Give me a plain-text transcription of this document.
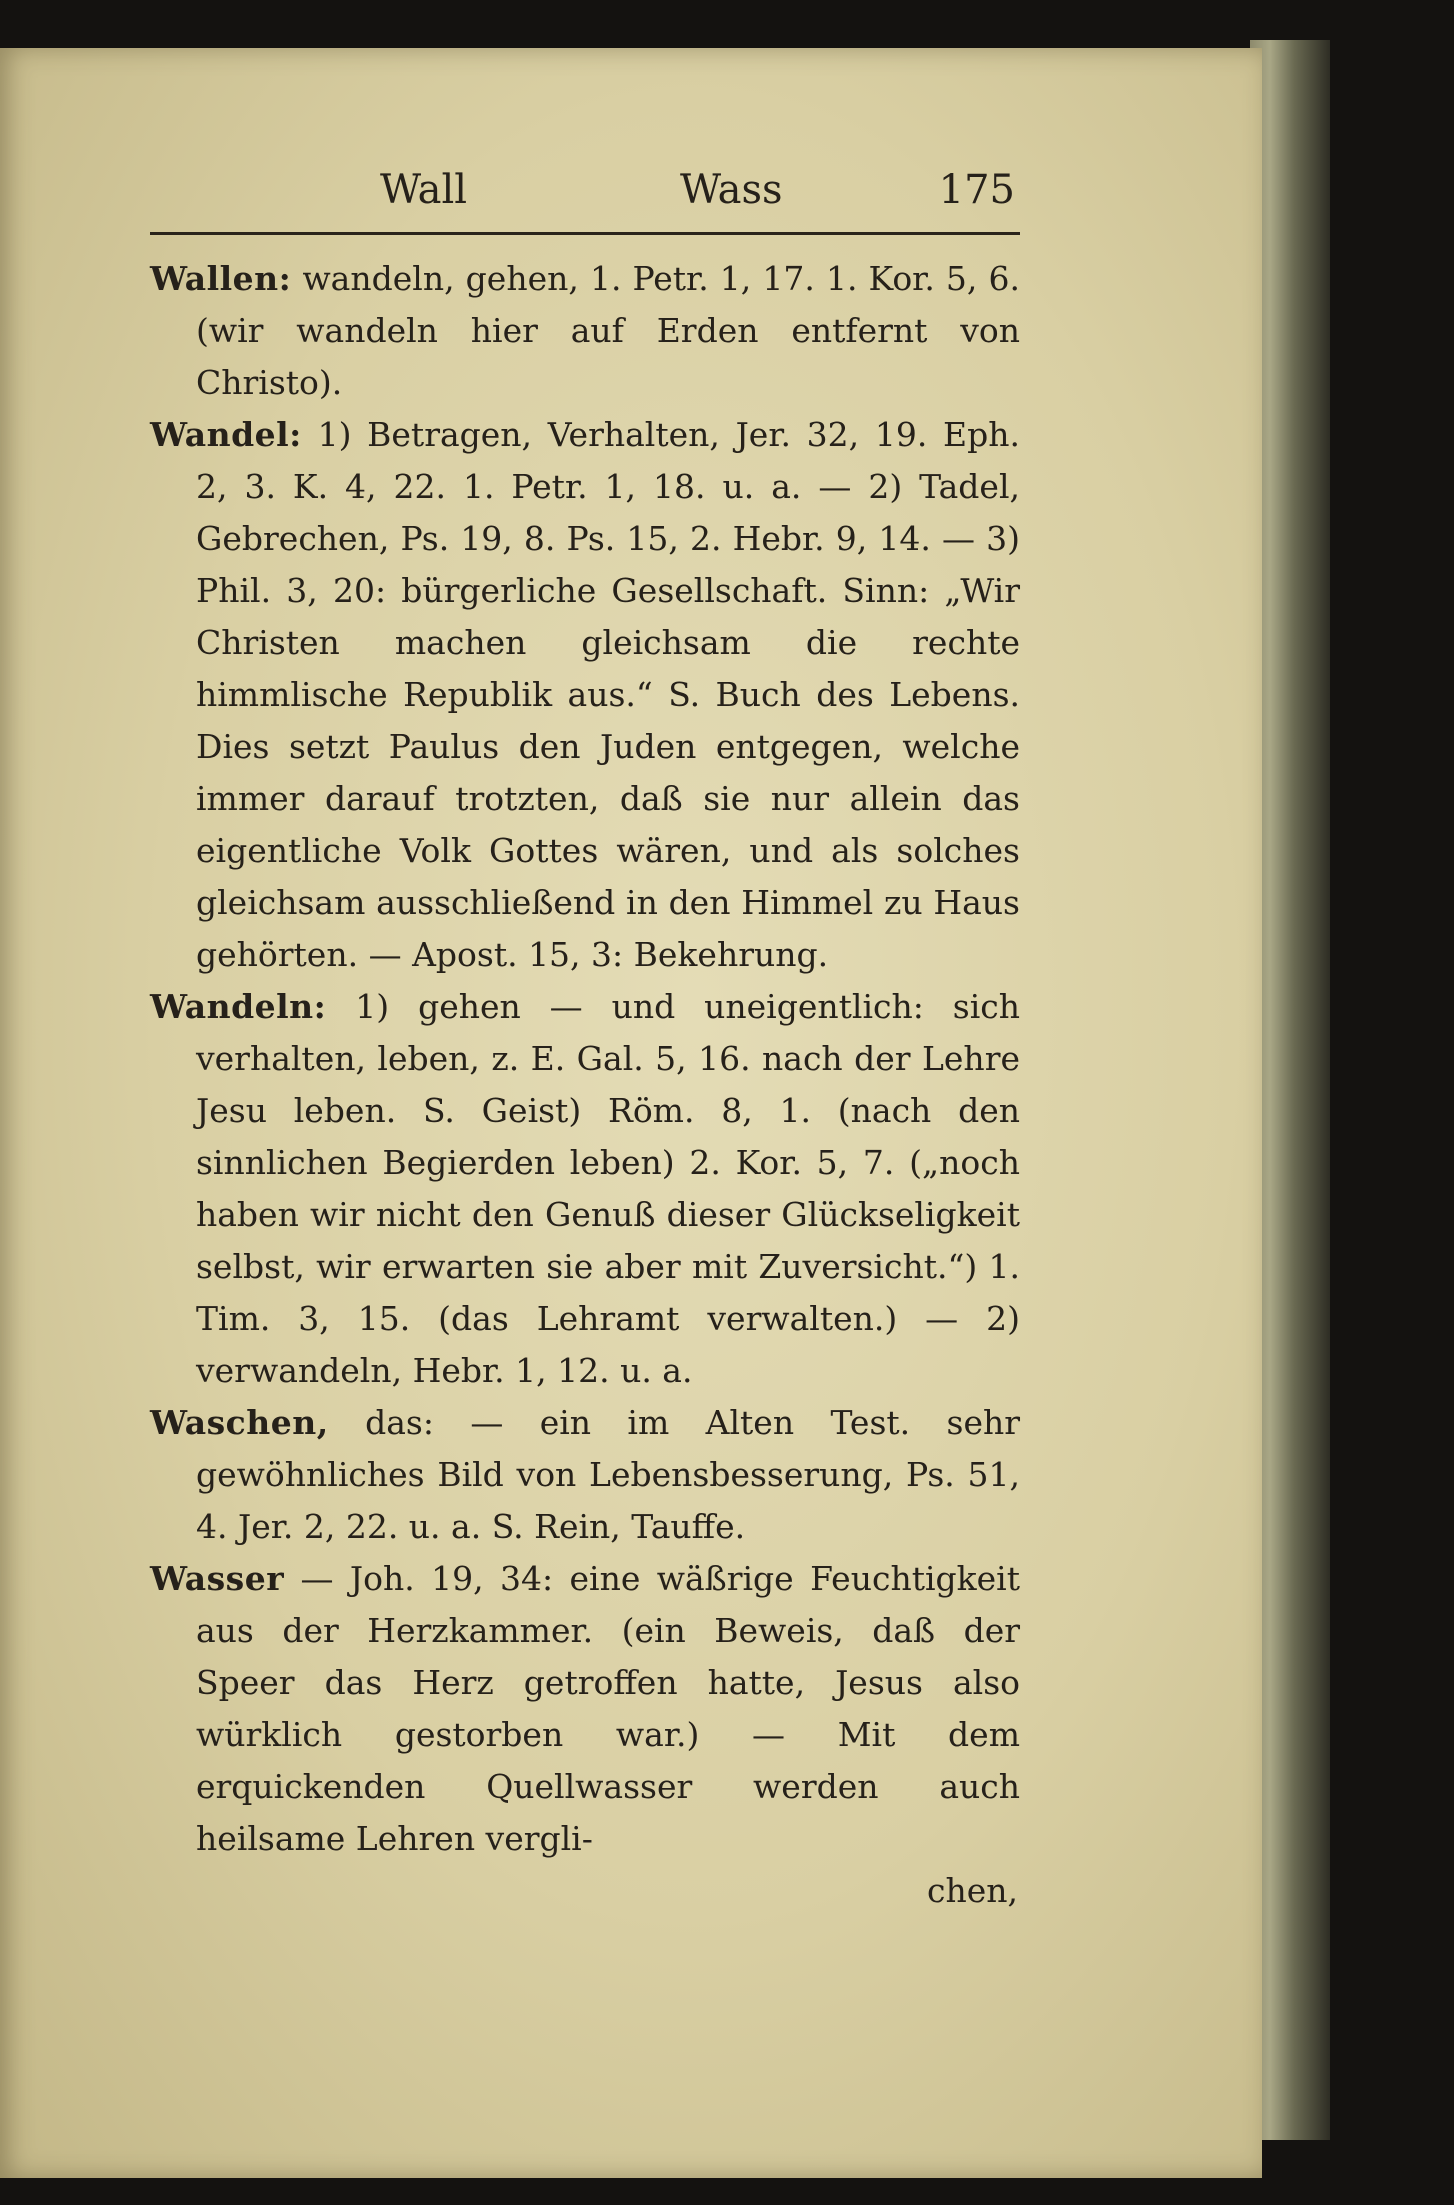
Wall	Wass	175
Wallen: wandeln, gehen, 1. Petr. 1, 17. 1. Kor. 5, 6. (wir wandeln hier auf Erden entfernt von Christo).
Wandel: 1) Betragen, Verhalten, Jer. 32, 19. Eph. 2, 3. K. 4, 22. 1. Petr. 1, 18. u. a. — 2) Tadel, Gebrechen, Ps. 19, 8. Ps. 15, 2. Hebr. 9, 14. — 3) Phil. 3, 20: bürgerliche Gesellschaft. Sinn: „Wir Christen machen gleichsam die rechte himmlische Republik aus.“ S. Buch des Lebens. Dies setzt Paulus den Juden entgegen, welche immer darauf trotzten, daß sie nur allein das eigentliche Volk Gottes wären, und als solches gleichsam ausschließend in den Himmel zu Haus gehörten. — Apost. 15, 3: Bekehrung.
Wandeln: 1) gehen — und uneigentlich: sich verhalten, leben, z. E. Gal. 5, 16. nach der Lehre Jesu leben. S. Geist) Röm. 8, 1. (nach den sinnlichen Begierden leben) 2. Kor. 5, 7. („noch haben wir nicht den Genuß dieser Glückseligkeit selbst, wir erwarten sie aber mit Zuversicht.“) 1. Tim. 3, 15. (das Lehramt verwalten.) — 2) verwandeln, Hebr. 1, 12. u. a.
Waschen, das: — ein im Alten Test. sehr gewöhnliches Bild von Lebensbesserung, Ps. 51, 4. Jer. 2, 22. u. a. S. Rein, Tauffe.
Wasser — Joh. 19, 34: eine wäßrige Feuchtigkeit aus der Herzkammer. (ein Beweis, daß der Speer das Herz getroffen hatte, Jesus also würklich gestorben war.) — Mit dem erquickenden Quellwasser werden auch heilsame Lehren vergli-
chen,
